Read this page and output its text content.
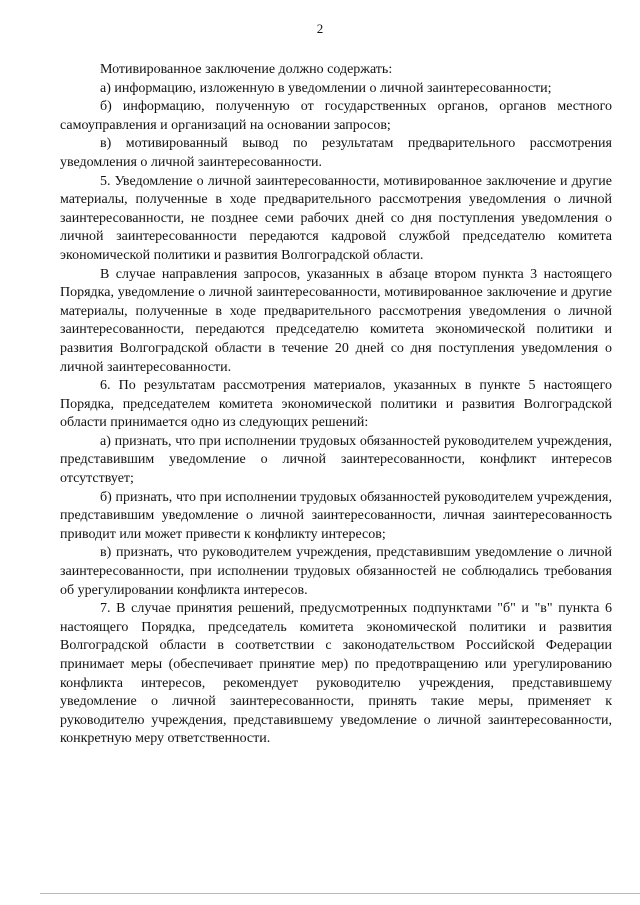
2

Мотивированное заключение должно содержать:

а) информацию, изложенную в уведомлении о личной заинтересованности;

б) информацию, полученную от государственных органов, органов местного самоуправления и организаций на основании запросов;

в) мотивированный вывод по результатам предварительного рассмотрения уведомления о личной заинтересованности.

5. Уведомление о личной заинтересованности, мотивированное заключение и другие материалы, полученные в ходе предварительного рассмотрения уведомления о личной заинтересованности, не позднее семи рабочих дней со дня поступления уведомления о личной заинтересованности передаются кадровой службой председателю комитета экономической политики и развития Волгоградской области.

В случае направления запросов, указанных в абзаце втором пункта 3 настоящего Порядка, уведомление о личной заинтересованности, мотивированное заключение и другие материалы, полученные в ходе предварительного рассмотрения уведомления о личной заинтересованности, передаются председателю комитета экономической политики и развития Волгоградской области в течение 20 дней со дня поступления уведомления о личной заинтересованности.

6. По результатам рассмотрения материалов, указанных в пункте 5 настоящего Порядка, председателем комитета экономической политики и развития Волгоградской области принимается одно из следующих решений:

а) признать, что при исполнении трудовых обязанностей руководителем учреждения, представившим уведомление о личной заинтересованности, конфликт интересов отсутствует;

б) признать, что при исполнении трудовых обязанностей руководителем учреждения, представившим уведомление о личной заинтересованности, личная заинтересованность приводит или может привести к конфликту интересов;

в) признать, что руководителем учреждения, представившим уведомление о личной заинтересованности, при исполнении трудовых обязанностей не соблюдались требования об урегулировании конфликта интересов.

7. В случае принятия решений, предусмотренных подпунктами "б" и "в" пункта 6 настоящего Порядка, председатель комитета экономической политики и развития Волгоградской области в соответствии с законодательством Российской Федерации принимает меры (обеспечивает принятие мер) по предотвращению или урегулированию конфликта интересов, рекомендует руководителю учреждения, представившему уведомление о личной заинтересованности, принять такие меры, применяет к руководителю учреждения, представившему уведомление о личной заинтересованности, конкретную меру ответственности.
